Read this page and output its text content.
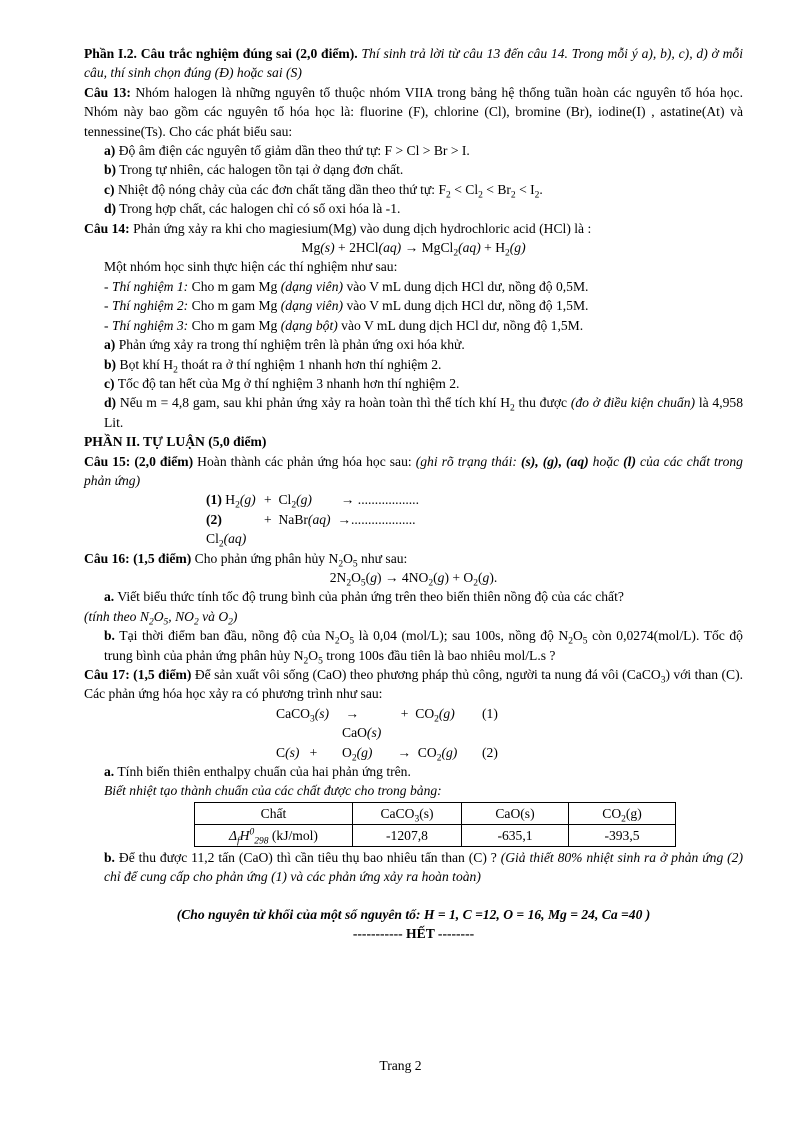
Phần I.2. Câu trắc nghiệm đúng sai (2,0 điểm). Thí sinh trả lời từ câu 13 đến câu 14. Trong mỗi ý a), b), c), d) ở mỗi câu, thí sinh chọn đúng (Đ) hoặc sai (S)

Câu 13: Nhóm halogen là những nguyên tố thuộc nhóm VIIA trong bảng hệ thống tuần hoàn các nguyên tố hóa học. Nhóm này bao gồm các nguyên tố hóa học là: fluorine (F), chlorine (Cl), bromine (Br), iodine(I) , astatine(At) và tennessine(Ts). Cho các phát biểu sau:

a) Độ âm điện các nguyên tố giảm dần theo thứ tự: F > Cl > Br > I.

b) Trong tự nhiên, các halogen tồn tại ở dạng đơn chất.

c) Nhiệt độ nóng chảy của các đơn chất tăng dần theo thứ tự: $F_2 < Cl_2 < Br_2 < I_2$.

d) Trong hợp chất, các halogen chỉ có số oxi hóa là -1.

Câu 14: Phản ứng xảy ra khi cho magiesium(Mg) vào dung dịch hydrochloric acid (HCl) là :

Mg(s) + 2HCl(aq) → MgCl$_2$(aq) + $H_2(g)$

Một nhóm học sinh thực hiện các thí nghiệm như sau:

- Thí nghiệm 1: Cho m gam Mg (dạng viên) vào V mL dung dịch HCl dư, nồng độ 0,5M.

- Thí nghiệm 2: Cho m gam Mg (dạng viên) vào V mL dung dịch HCl dư, nồng độ 1,5M.

- Thí nghiệm 3: Cho m gam Mg (dạng bột) vào V mL dung dịch HCl dư, nồng độ 1,5M.

a) Phản ứng xảy ra trong thí nghiệm trên là phản ứng oxi hóa khử.

b) Bọt khí $H_2$ thoát ra ở thí nghiệm 1 nhanh hơn thí nghiệm 2.

c) Tốc độ tan hết của Mg ở thí nghiệm 3 nhanh hơn thí nghiệm 2.

d) Nếu m = 4,8 gam, sau khi phản ứng xảy ra hoàn toàn thì thể tích khí $H_2$ thu được (đo ở điều kiện chuẩn) là 4,958 Lit.

PHẦN II. TỰ LUẬN (5,0 điểm)

Câu 15: (2,0 điểm) Hoàn thành các phản ứng hóa học sau: (ghi rõ trạng thái: (s), (g), (aq) hoặc (l) của các chất trong phản ứng)

(1) $H_2(g) + Cl_2(g)$	→ ..................
(2) $Cl_2(aq)$
+  NaBr(aq) →...................

Câu 16: (1,5 điểm) Cho phản ứng phân hủy $N_2O_5$ như sau:

$2N_2O_5(g) \to 4NO_2(g) + O_2(g)$.

a. Viết biểu thức tính tốc độ trung bình của phản ứng trên theo biến thiên nồng độ của các chất?

(tính theo $N_2O_5$, $NO_2$ và $O_2$)

b. Tại thời điểm ban đầu, nồng độ của $N_2O_5$ là 0,04 (mol/L); sau 100s, nồng độ $N_2O_5$ còn 0,0274(mol/L). Tốc độ trung bình của phản ứng phân hủy $N_2O_5$ trong 100s đầu tiên là bao nhiêu mol/L.s ?

Câu 17: (1,5 điểm) Để sản xuất vôi sống (CaO) theo phương pháp thủ công, người ta nung đá vôi (CaCO$_3$) với than (C). Các phản ứng hóa học xảy ra có phương trình như sau:

CaCO$_3$(s) → CaO(s)
+  $CO_2(g)$	(1)
C(s)   +	$O_2(g)$	→  $CO_2(g)$	(2)

a. Tính biến thiên enthalpy chuẩn của hai phản ứng trên.

Biết nhiệt tạo thành chuẩn của các chất được cho trong bảng:

Chất	CaCO$_3$(s)	CaO(s)	$CO_2(g)$
$\Delta_fH^0_{298}$ (kJ/mol)	-1207,8	-635,1	-393,5

b. Để thu được 11,2 tấn (CaO) thì cần tiêu thụ bao nhiêu tấn than (C) ? (Giả thiết 80% nhiệt sinh ra ở phản ứng (2) chỉ để cung cấp cho phản ứng (1) và các phản ứng xảy ra hoàn toàn)

(Cho nguyên tử khối của một số nguyên tố: H = 1, C =12, O = 16, Mg = 24, Ca =40 )

----------- HẾT --------

Trang 2
